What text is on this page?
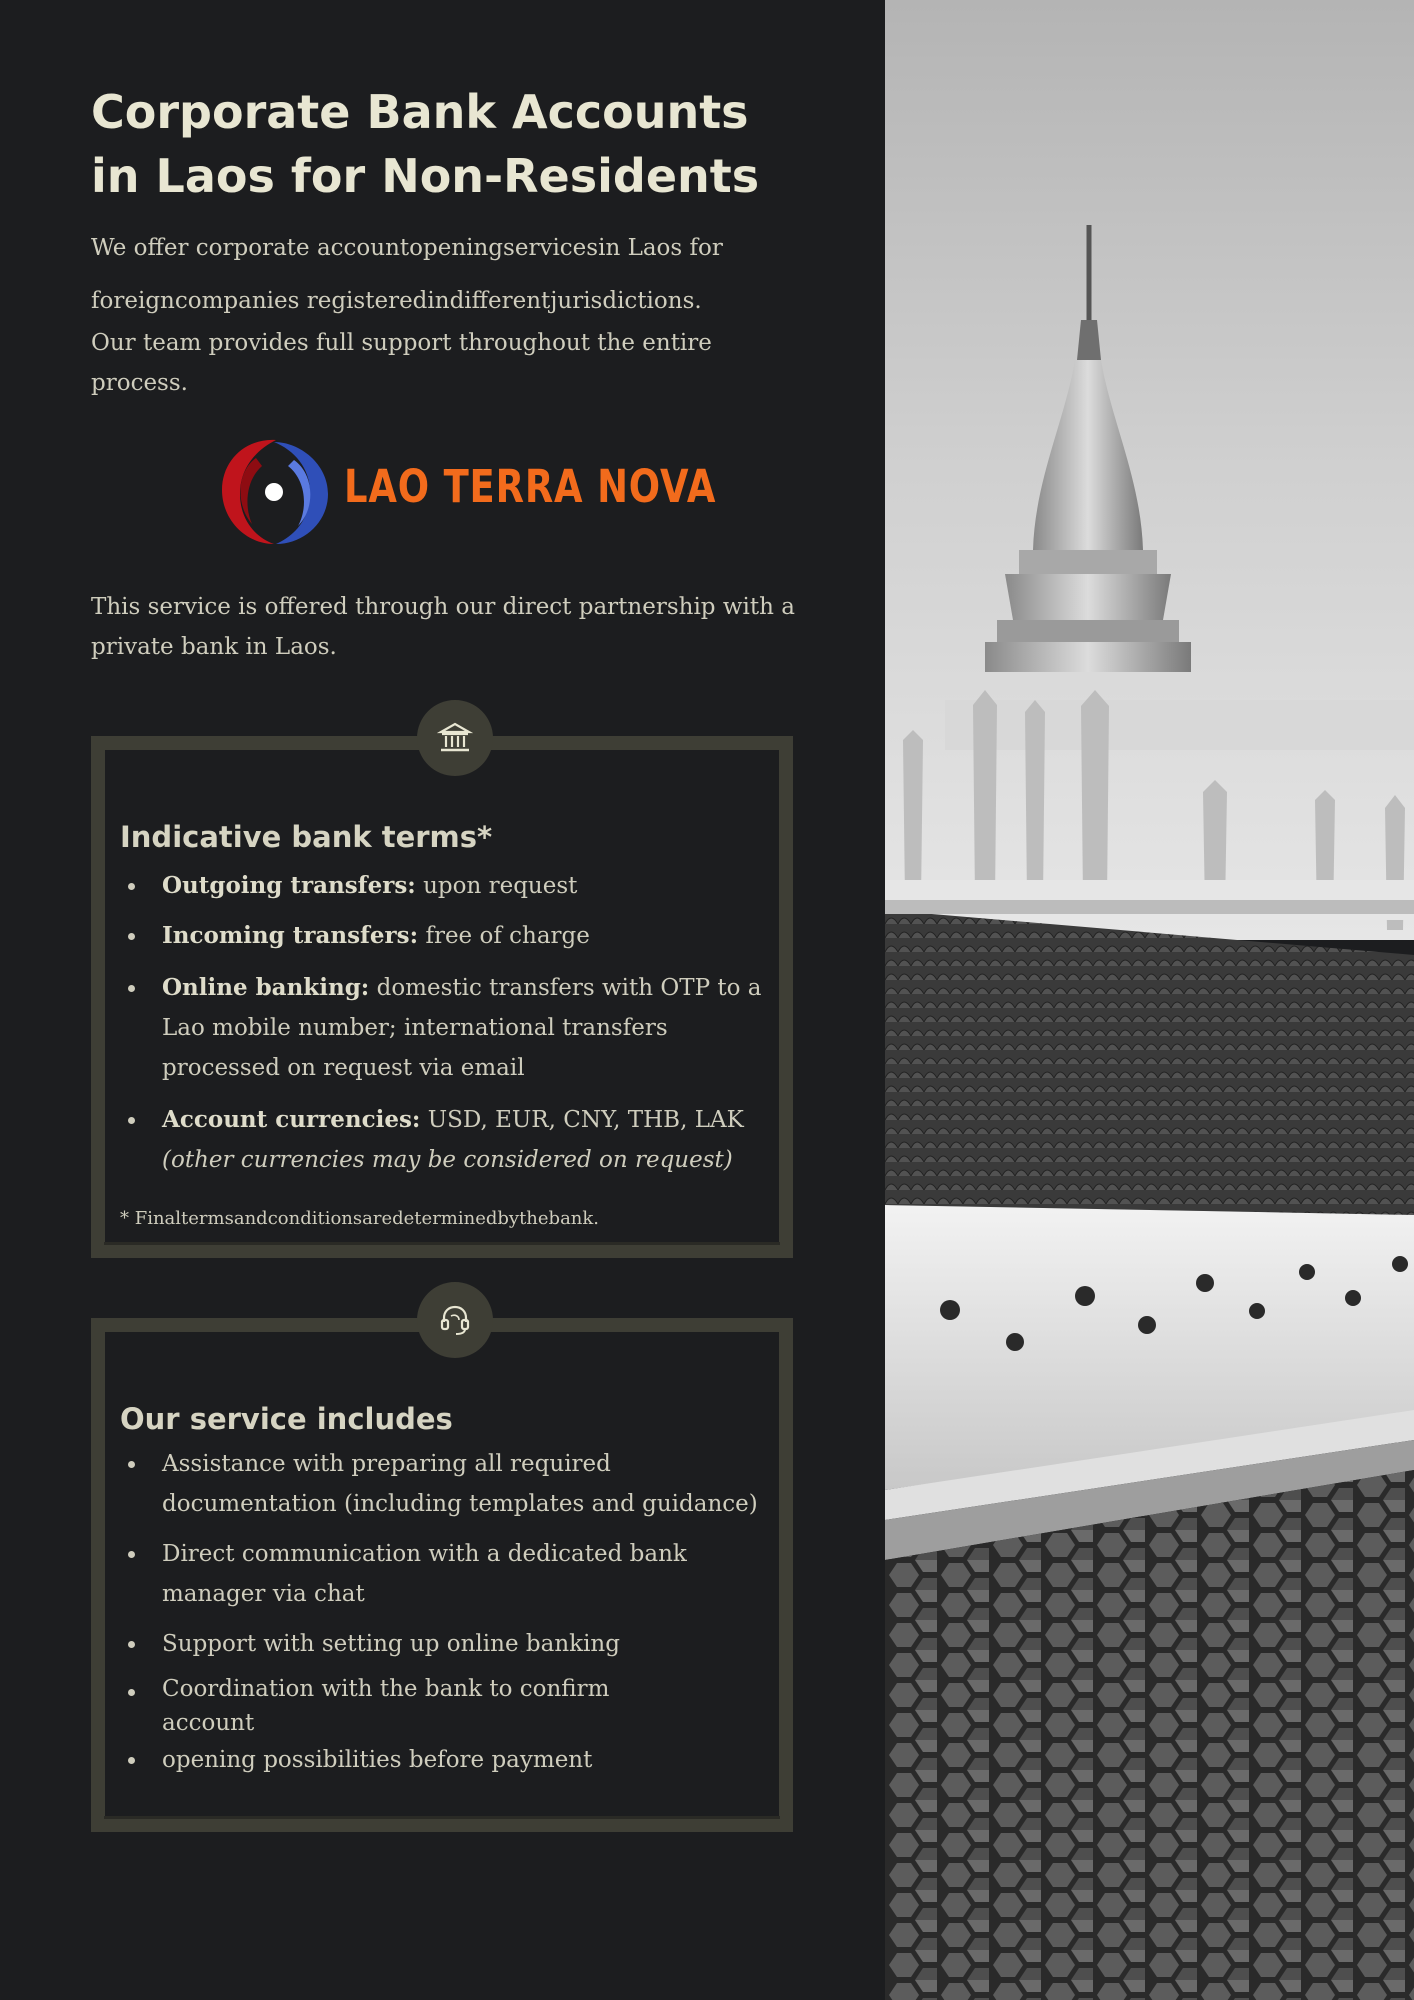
Corporate Bank Accounts in Laos for Non-Residents

We offer corporate accountopeningservicesin Laos for

foreigncompanies registeredindifferentjurisdictions.

Our team provides full support throughout the entire process.

LAO TERRA NOVA

This service is offered through our direct partnership with a private bank in Laos.

Indicative bank terms*
Outgoing transfers: upon request
Incoming transfers: free of charge
Online banking: domestic transfers with OTP to a Lao mobile number; international transfers processed on request via email
Account currencies: USD, EUR, CNY, THB, LAK
(other currencies may be considered on request)

* Finaltermsandconditionsaredeterminedbythebank.

Our service includes
Assistance with preparing all required documentation (including templates and guidance)
Direct communication with a dedicated bank manager via chat
Support with setting up online banking
Coordination with the bank to confirm account
opening possibilities before payment
